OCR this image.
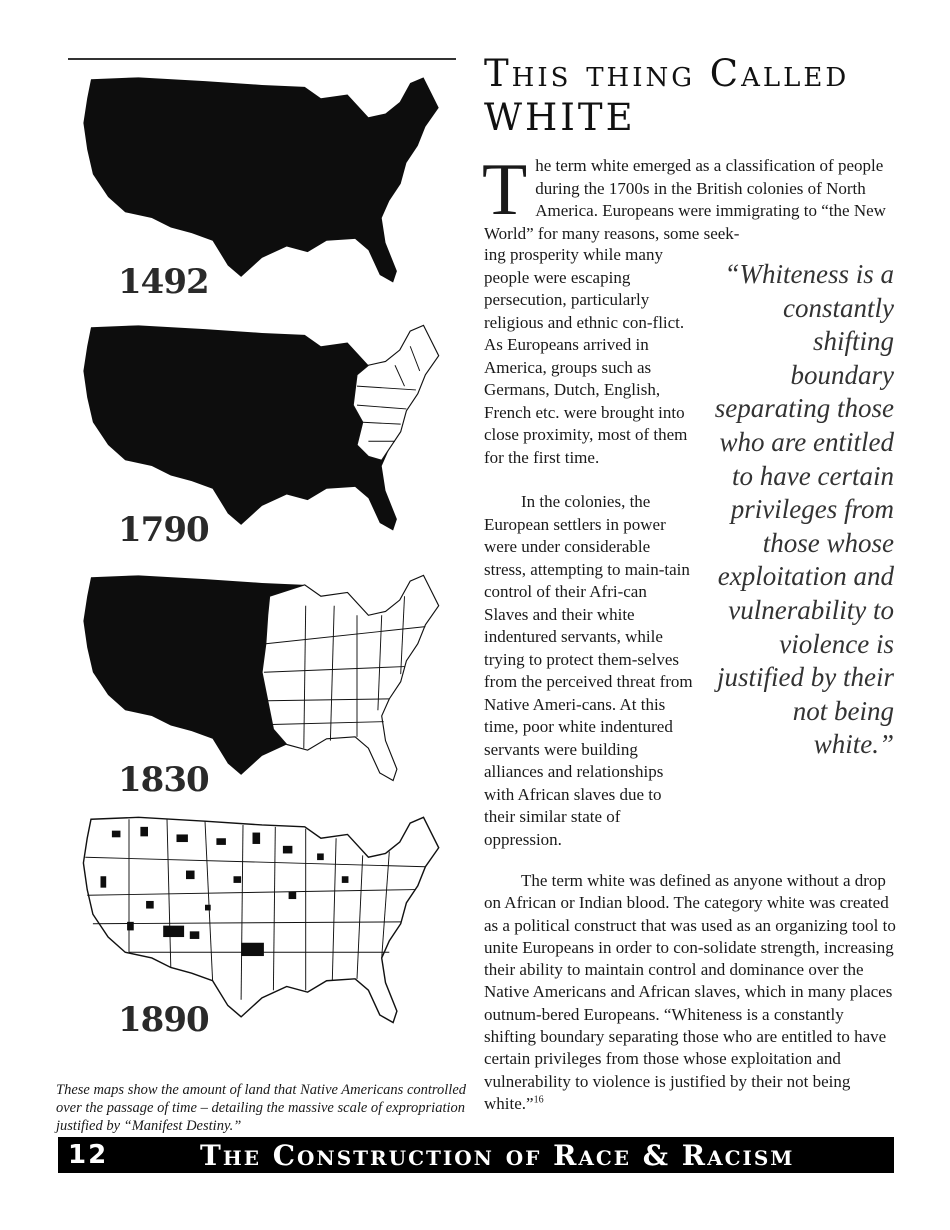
1492
1790
1830
1890

These maps show the amount of land that Native Americans controlled over the passage of time – detailing the massive scale of expropriation justified by “Manifest Destiny.”

This thing Called
WHITE

The term white emerged as a classification of people during the 1700s in the British colonies of North America. Europeans were immigrating to “the New World” for many reasons, some seek-

ing prosperity while many people were escaping persecution, particularly religious and ethnic con-flict. As Europeans arrived in America, groups such as Germans, Dutch, English, French etc. were brought into close proximity, most of them for the first time.

In the colonies, the European settlers in power were under considerable stress, attempting to main-tain control of their Afri-can Slaves and their white indentured servants, while trying to protect them-selves from the perceived threat from Native Ameri-cans. At this time, poor white indentured servants were building alliances and relationships with African slaves due to their similar state of oppression.

“Whiteness is a constantly shifting boundary separating those who are entitled to have certain privileges from those whose exploitation and vulnerability to violence is justified by their not being white.”

The term white was defined as anyone without a drop on African or Indian blood. The category white was created as a political construct that was used as an organizing tool to unite Europeans in order to con-solidate strength, increasing their ability to maintain control and dominance over the Native Americans and African slaves, which in many places outnum-bered Europeans. “Whiteness is a constantly shifting boundary separating those who are entitled to have certain privileges from those whose exploitation and vulnerability to violence is justified by their not being white.”$^{16}$

12	The Construction of Race & Racism
